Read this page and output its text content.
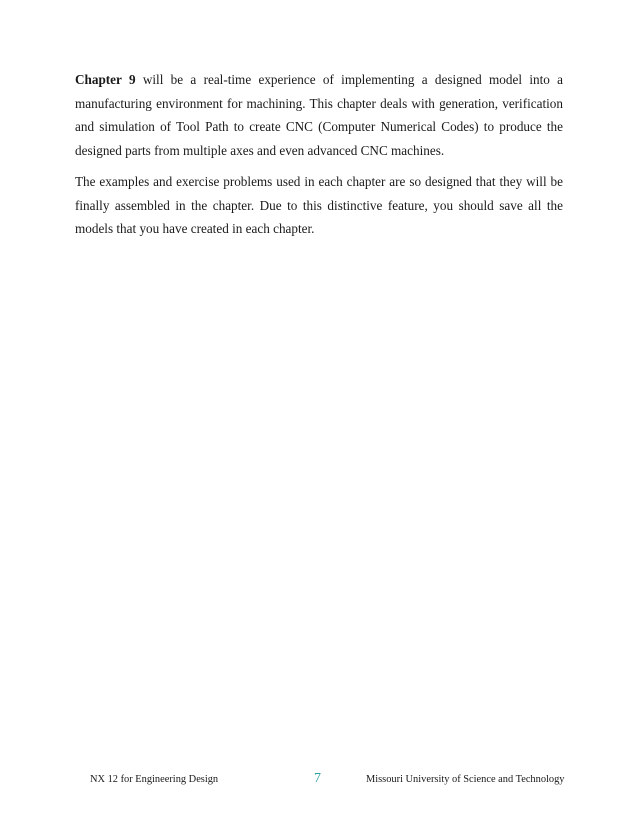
Chapter 9 will be a real-time experience of implementing a designed model into a manufacturing environment for machining. This chapter deals with generation, verification and simulation of Tool Path to create CNC (Computer Numerical Codes) to produce the designed parts from multiple axes and even advanced CNC machines.

The examples and exercise problems used in each chapter are so designed that they will be finally assembled in the chapter. Due to this distinctive feature, you should save all the models that you have created in each chapter.

NX 12 for Engineering Design	7	Missouri University of Science and Technology
